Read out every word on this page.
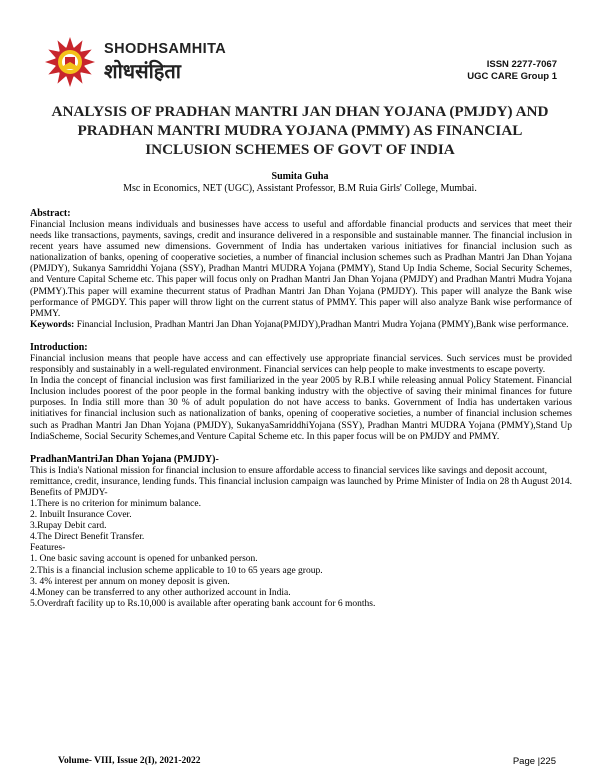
SHODHSAMHITA
शोधसंहिता	ISSN 2277-7067
UGC CARE Group 1
ANALYSIS OF PRADHAN MANTRI JAN DHAN YOJANA (PMJDY) AND
PRADHAN MANTRI MUDRA YOJANA (PMMY) AS FINANCIAL
INCLUSION SCHEMES OF GOVT OF INDIA
Sumita Guha
Msc in Economics, NET (UGC), Assistant Professor, B.M Ruia Girls' College, Mumbai.
Abstract:

Financial Inclusion means individuals and businesses have access to useful and affordable financial products and services that meet their needs like transactions, payments, savings, credit and insurance delivered in a responsible and sustainable manner. The financial inclusion in recent years have assumed new dimensions. Government of India has undertaken various initiatives for financial inclusion such as nationalization of banks, opening of cooperative societies, a number of financial inclusion schemes such as Pradhan Mantri Jan Dhan Yojana (PMJDY), Sukanya Samriddhi Yojana (SSY), Pradhan Mantri MUDRA Yojana (PMMY), Stand Up India Scheme, Social Security Schemes, and Venture Capital Scheme etc. This paper will focus only on Pradhan Mantri Jan Dhan Yojana (PMJDY) and Pradhan Mantri Mudra Yojana (PMMY).This paper will examine thecurrent status of Pradhan Mantri Jan Dhan Yojana (PMJDY). This paper will analyze the Bank wise performance of PMGDY. This paper will throw light on the current status of PMMY. This paper will also analyze Bank wise performance of PMMY.

Keywords: Financial Inclusion, Pradhan Mantri Jan Dhan Yojana(PMJDY),Pradhan Mantri Mudra Yojana (PMMY),Bank wise performance.

Introduction:

Financial inclusion means that people have access and can effectively use appropriate financial services. Such services must be provided responsibly and sustainably in a well-regulated environment. Financial services can help people to make investments to escape poverty.

In India the concept of financial inclusion was first familiarized in the year 2005 by R.B.I while releasing annual Policy Statement. Financial Inclusion includes poorest of the poor people in the formal banking industry with the objective of saving their minimal finances for future purposes. In India still more than 30 % of adult population do not have access to banks. Government of India has undertaken various initiatives for financial inclusion such as nationalization of banks, opening of cooperative societies, a number of financial inclusion schemes such as Pradhan Mantri Jan Dhan Yojana (PMJDY), SukanyaSamriddhiYojana (SSY), Pradhan Mantri MUDRA Yojana (PMMY),Stand Up IndiaScheme, Social Security Schemes,and Venture Capital Scheme etc. In this paper focus will be on PMJDY and PMMY.

PradhanMantriJan Dhan Yojana (PMJDY)-

This is India's National mission for financial inclusion to ensure affordable access to financial services like savings and deposit account, remittance, credit, insurance, lending funds. This financial inclusion campaign was launched by Prime Minister of India on 28 th August 2014.

Benefits of PMJDY-

1.There is no criterion for minimum balance.

2. Inbuilt Insurance Cover.

3.Rupay Debit card.

4.The Direct Benefit Transfer.

Features-

1. One basic saving account is opened for unbanked person.

2.This is a financial inclusion scheme applicable to 10 to 65 years age group.

3. 4% interest per annum on money deposit is given.

4.Money can be transferred to any other authorized account in India.

5.Overdraft facility up to Rs.10,000 is available after operating bank account for 6 months.

Volume- VIII, Issue 2(I), 2021-2022	Page |225
